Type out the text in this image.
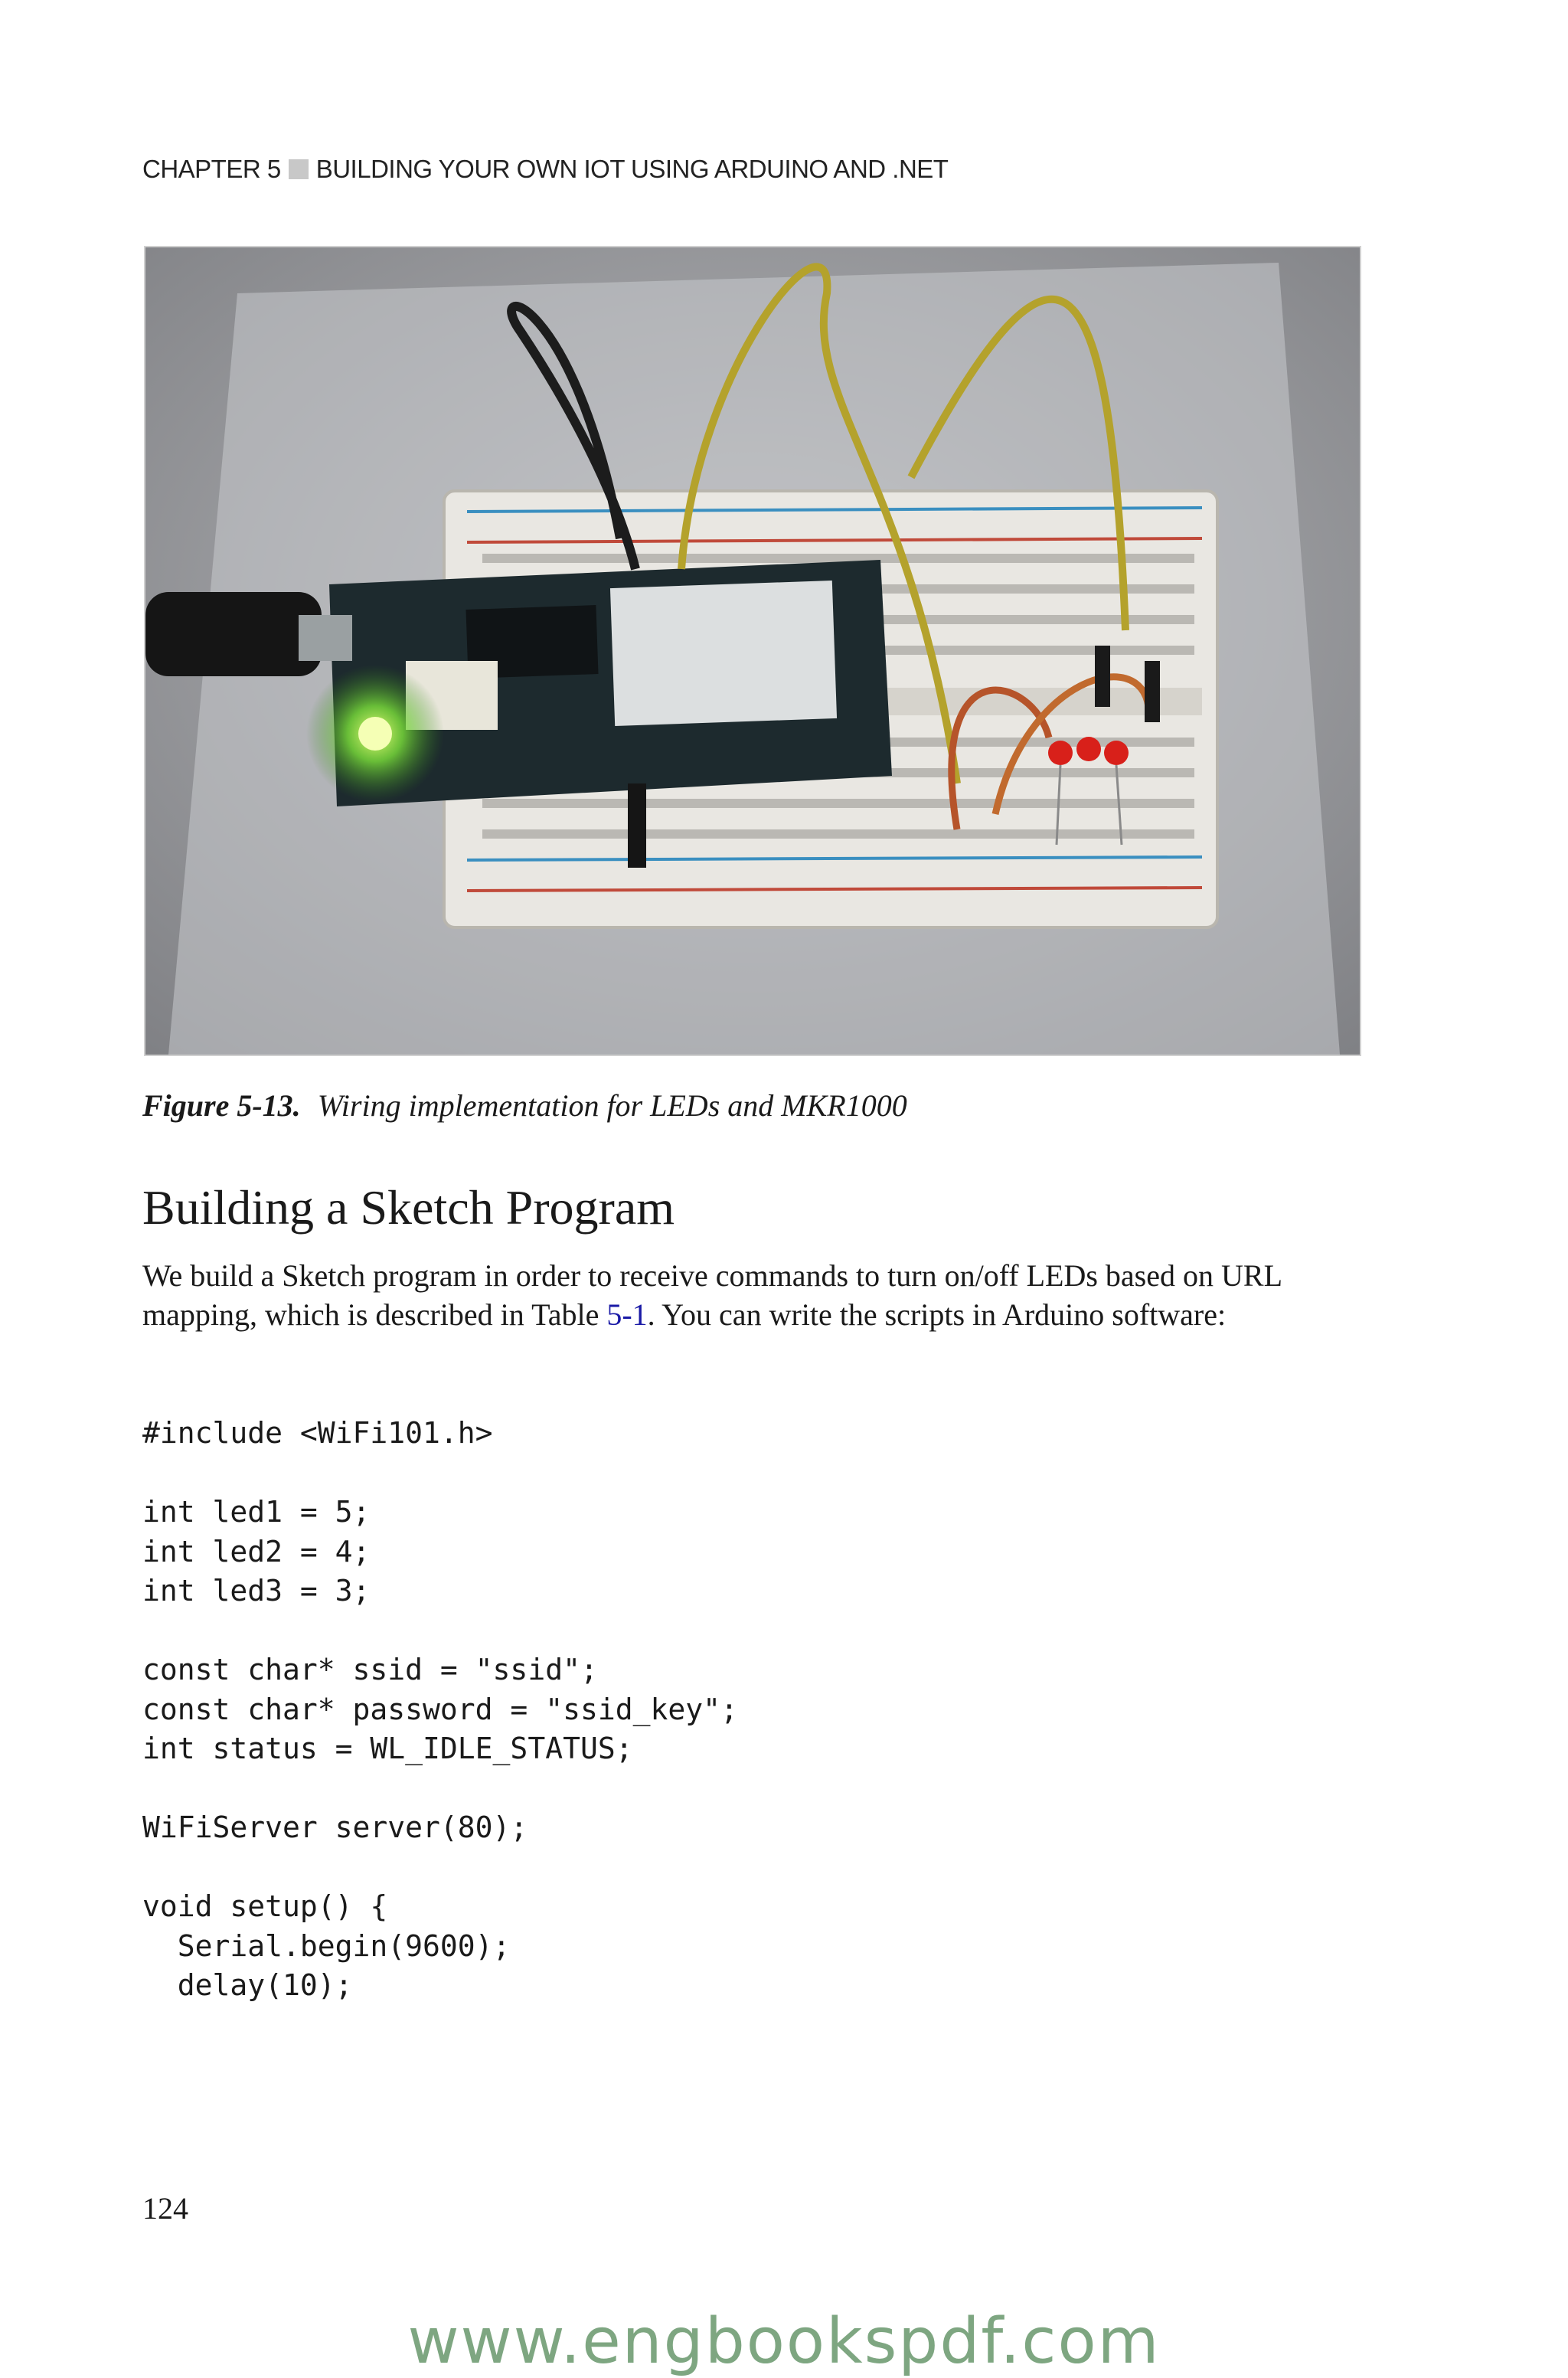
CHAPTER 5 BUILDING YOUR OWN IOT USING ARDUINO AND .NET
Figure 5-13. Wiring implementation for LEDs and MKR1000
Building a Sketch Program

We build a Sketch program in order to receive commands to turn on/off LEDs based on URL mapping, which is described in Table 5-1. You can write the scripts in Arduino software:

#include <WiFi101.h>

int led1 = 5;
int led2 = 4;
int led3 = 3;

const char* ssid = "ssid";
const char* password = "ssid_key";
int status = WL_IDLE_STATUS;

WiFiServer server(80);

void setup() {
Serial.begin(9600);
delay(10);
124
www.engbookspdf.com
